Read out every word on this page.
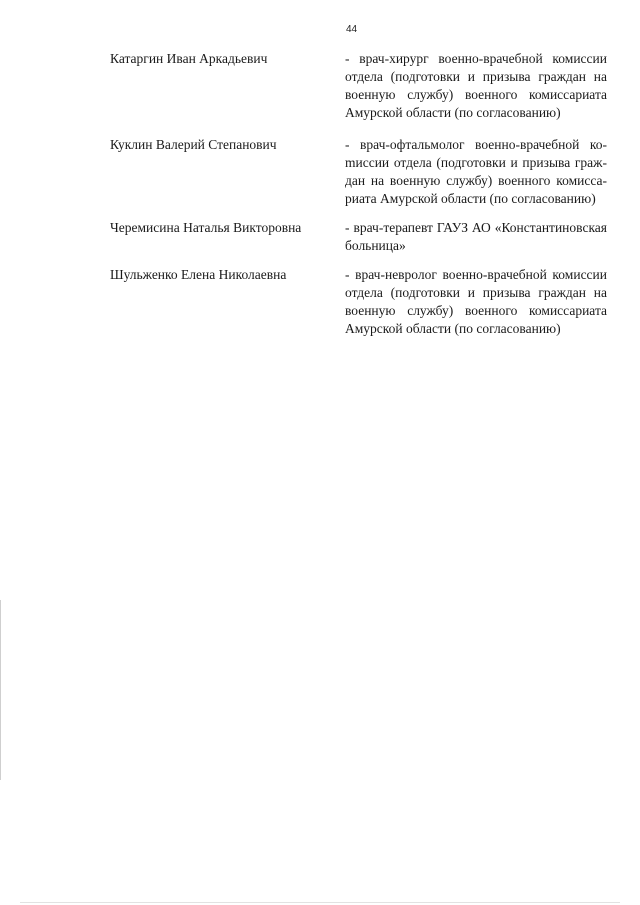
44
Катаргин Иван Аркадьевич	- врач-хирург военно-врачебной комиссии отдела (подготовки и призыва граждан на военную службу) военного комиссариата Амурской области (по согласованию)
Куклин Валерий Степанович	- врач-офтальмолог военно-врачебной коmиссии отдела (подготовки и призыва граждан на военную службу) военного комиссариата Амурской области (по согласованию)
Черемисина Наталья Викторовна	- врач-терапевт ГАУЗ АО «Константиновская больница»
Шульженко Елена Николаевна	- врач-невролог военно-врачебной комиссии отдела (подготовки и призыва граждан на военную службу) военного комиссариата Амурской области (по согласованию)
